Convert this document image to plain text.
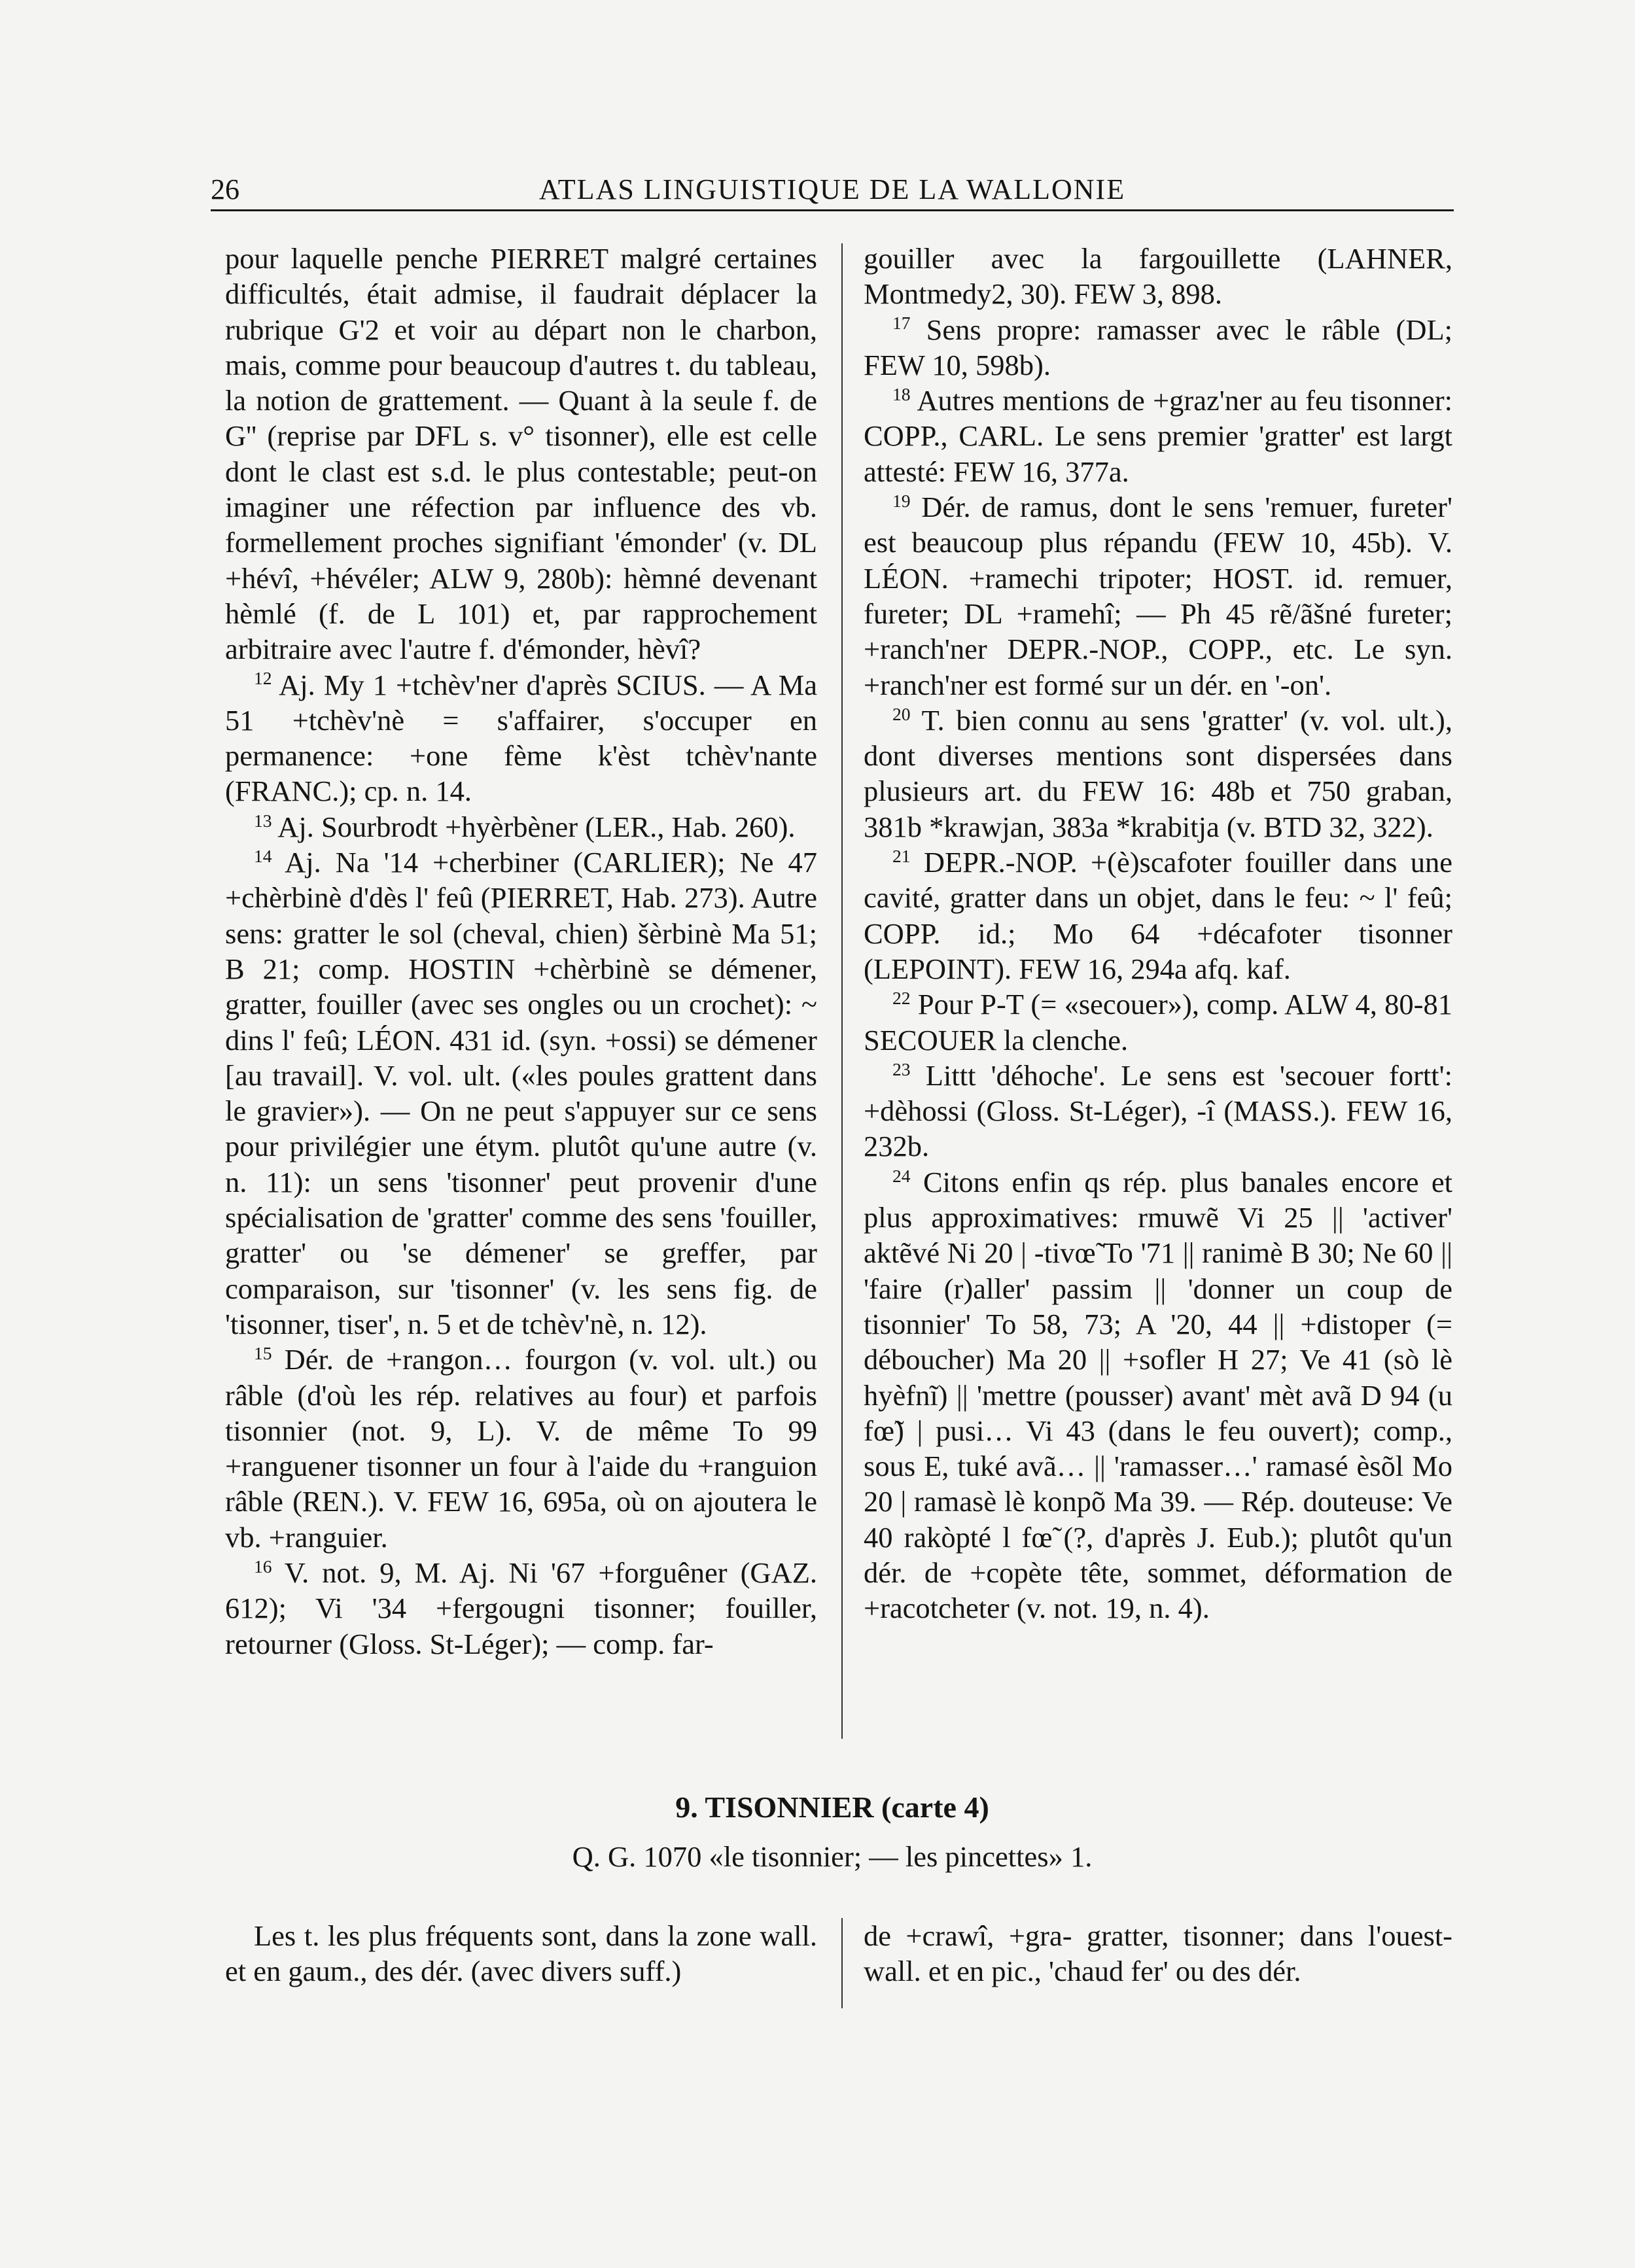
26	ATLAS LINGUISTIQUE DE LA WALLONIE

pour laquelle penche PIERRET malgré certaines difficultés, était admise, il faudrait déplacer la rubrique G'2 et voir au départ non le charbon, mais, comme pour beaucoup d'autres t. du tableau, la notion de grattement. — Quant à la seule f. de G'' (reprise par DFL s. v° tisonner), elle est celle dont le clast est s.d. le plus contestable; peut-on imaginer une réfection par influence des vb. formellement proches signifiant 'émonder' (v. DL +hévî, +hévéler; ALW 9, 280b): hèmné devenant hèmlé (f. de L 101) et, par rapprochement arbitraire avec l'autre f. d'émonder, hèvî?

$^{12}$ Aj. My 1 +tchèv'ner d'après SCIUS. — A Ma 51 +tchèv'nè = s'affairer, s'occuper en permanence: +one fème k'èst tchèv'nante (FRANC.); cp. n. 14.

$^{13}$ Aj. Sourbrodt +hyèrbèner (LER., Hab. 260).

$^{14}$ Aj. Na '14 +cherbiner (CARLIER); Ne 47 +chèrbinè d'dès l' feû (PIERRET, Hab. 273). Autre sens: gratter le sol (cheval, chien) šèrbinè Ma 51; B 21; comp. HOSTIN +chèrbinè se démener, gratter, fouiller (avec ses ongles ou un crochet): ~ dins l' feû; LÉON. 431 id. (syn. +ossi) se démener [au travail]. V. vol. ult. («les poules grattent dans le gravier»). — On ne peut s'appuyer sur ce sens pour privilégier une étym. plutôt qu'une autre (v. n. 11): un sens 'tisonner' peut provenir d'une spécialisation de 'gratter' comme des sens 'fouiller, gratter' ou 'se démener' se greffer, par comparaison, sur 'tisonner' (v. les sens fig. de 'tisonner, tiser', n. 5 et de tchèv'nè, n. 12).

$^{15}$ Dér. de +rangon… fourgon (v. vol. ult.) ou râble (d'où les rép. relatives au four) et parfois tisonnier (not. 9, L). V. de même To 99 +ranguener tisonner un four à l'aide du +ranguion râble (REN.). V. FEW 16, 695a, où on ajoutera le vb. +ranguier.

$^{16}$ V. not. 9, M. Aj. Ni '67 +forguêner (GAZ. 612); Vi '34 +fergougni tisonner; fouiller, retourner (Gloss. St-Léger); — comp. far-

gouiller avec la fargouillette (LAHNER, Montmedy2, 30). FEW 3, 898.

$^{17}$ Sens propre: ramasser avec le râble (DL; FEW 10, 598b).

$^{18}$ Autres mentions de +graz'ner au feu tisonner: COPP., CARL. Le sens premier 'gratter' est largt attesté: FEW 16, 377a.

$^{19}$ Dér. de ramus, dont le sens 'remuer, fureter' est beaucoup plus répandu (FEW 10, 45b). V. LÉON. +ramechi tripoter; HOST. id. remuer, fureter; DL +ramehî; — Ph 45 rẽ/ãšné fureter; +ranch'ner DEPR.-NOP., COPP., etc. Le syn. +ranch'ner est formé sur un dér. en '-on'.

$^{20}$ T. bien connu au sens 'gratter' (v. vol. ult.), dont diverses mentions sont dispersées dans plusieurs art. du FEW 16: 48b et 750 graban, 381b *krawjan, 383a *krabitja (v. BTD 32, 322).

$^{21}$ DEPR.-NOP. +(è)scafoter fouiller dans une cavité, gratter dans un objet, dans le feu: ~ l' feû; COPP. id.; Mo 64 +décafoter tisonner (LEPOINT). FEW 16, 294a afq. kaf.

$^{22}$ Pour P-T (= «secouer»), comp. ALW 4, 80-81 SECOUER la clenche.

$^{23}$ Littt 'déhoche'. Le sens est 'secouer fortt': +dèhossi (Gloss. St-Léger), -î (MASS.). FEW 16, 232b.

$^{24}$ Citons enfin qs rép. plus banales encore et plus approximatives: rmuwẽ Vi 25 || 'activer' aktẽvé Ni 20 | -tivœ̃ To '71 || ranimè B 30; Ne 60 || 'faire (r)aller' passim || 'donner un coup de tisonnier' To 58, 73; A '20, 44 || +distoper (= déboucher) Ma 20 || +sofler H 27; Ve 41 (sò lè hyèfnĩ) || 'mettre (pousser) avant' mèt avã D 94 (u fœ̃) | pusi… Vi 43 (dans le feu ouvert); comp., sous E, tuké avã… || 'ramasser…' ramasé èsõl Mo 20 | ramasè lè konpõ Ma 39. — Rép. douteuse: Ve 40 rakòpté l fœ̃ (?, d'après J. Eub.); plutôt qu'un dér. de +copète tête, sommet, déformation de +racotcheter (v. not. 19, n. 4).

9. TISONNIER (carte 4)
Q. G. 1070 «le tisonnier; — les pincettes» 1.

Les t. les plus fréquents sont, dans la zone wall. et en gaum., des dér. (avec divers suff.)

de +crawî, +gra- gratter, tisonner; dans l'ouest-wall. et en pic., 'chaud fer' ou des dér.
